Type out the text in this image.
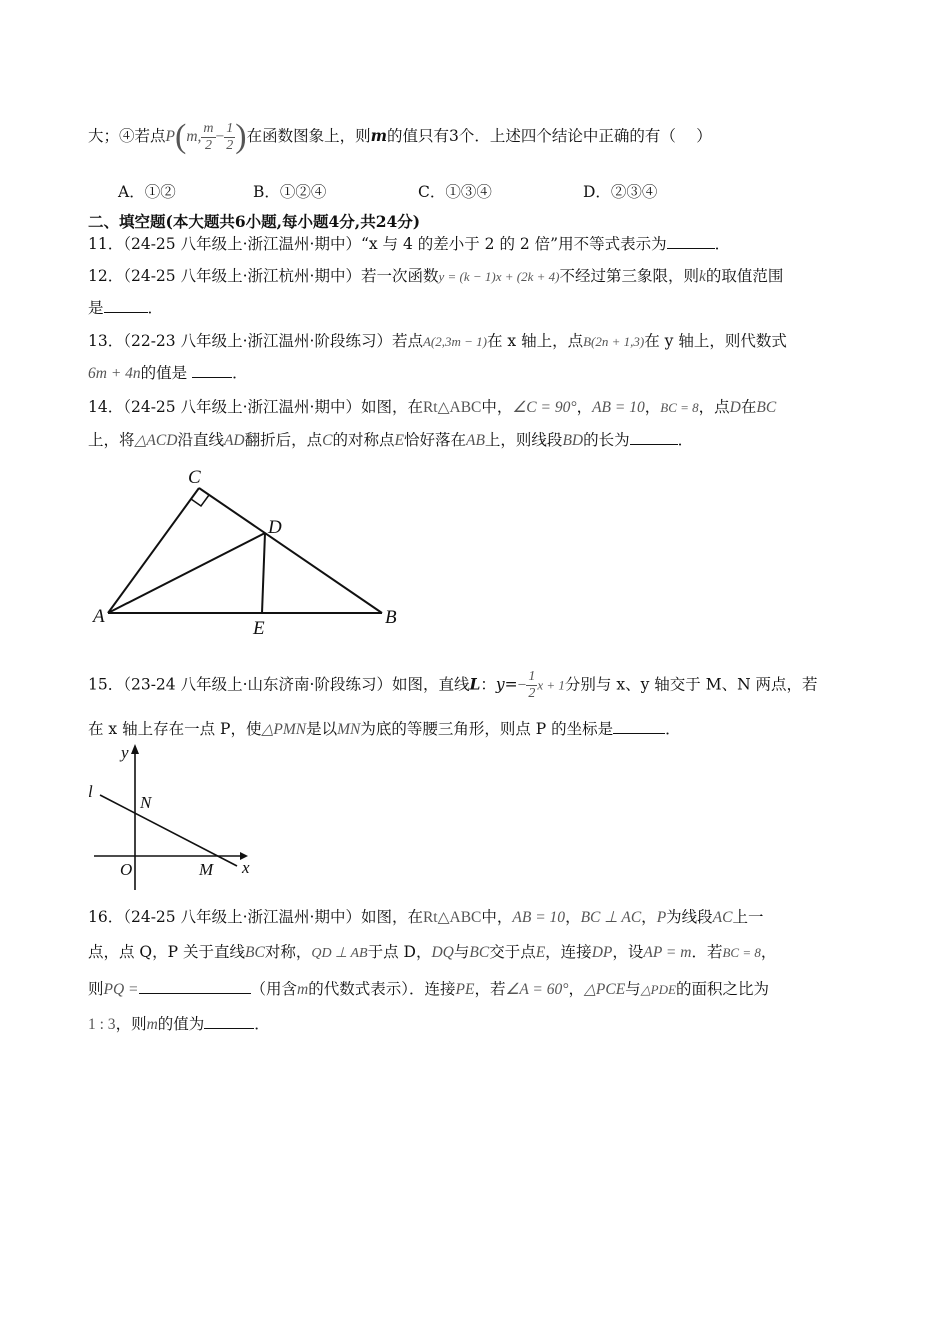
大；④若点P(m, $\frac{m}{2} - \frac{1}{2}$ )在函数图象上，则m的值只有3个．上述四个结论中正确的有（　 ）
A．①②	B．①②④	C．①③④	D．②③④
二、填空题(本大题共6小题,每小题4分,共24分)
11．（24-25 八年级上·浙江温州·期中）“x 与 4 的差小于 2 的 2 倍”用不等式表示为	．
12．（24-25 八年级上·浙江杭州·期中）若一次函数y = (k − 1)x + (2k + 4)不经过第三象限，则k的取值范围
是	．
13．（22-23 八年级上·浙江温州·阶段练习）若点A(2,3m − 1)在 x 轴上，点B(2n + 1,3)在 y 轴上，则代数式
6m + 4n的值是	．
14．（24-25 八年级上·浙江温州·期中）如图，在Rt△ABC中，∠C = 90°，AB = 10，BC = 8，点D在BC
上，将△ACD沿直线AD翻折后，点C的对称点E恰好落在AB上，则线段BD的长为	．
C
D
A	B
E
15．（23-24 八年级上·山东济南·阶段练习）如图，直线L：$y=- \frac{1}{2}$ x + 1分别与 x、y 轴交于 M、N 两点，若
在 x 轴上存在一点 P，使△PMN是以MN为底的等腰三角形，则点 P 的坐标是	．
y
l
N
O	M x
16．（24-25 八年级上·浙江温州·期中）如图，在Rt△ABC中，AB = 10，BC ⊥ AC，P为线段AC上一
点，点 Q，P 关于直线BC对称，QD ⊥ AB于点 D，DQ与BC交于点E，连接DP，设AP = m．若BC = 8，
则PQ =	（用含m的代数式表示）．连接PE，若∠A = 60°，△PCE与△PDE的面积之比为
1 : 3，则m的值为	．
